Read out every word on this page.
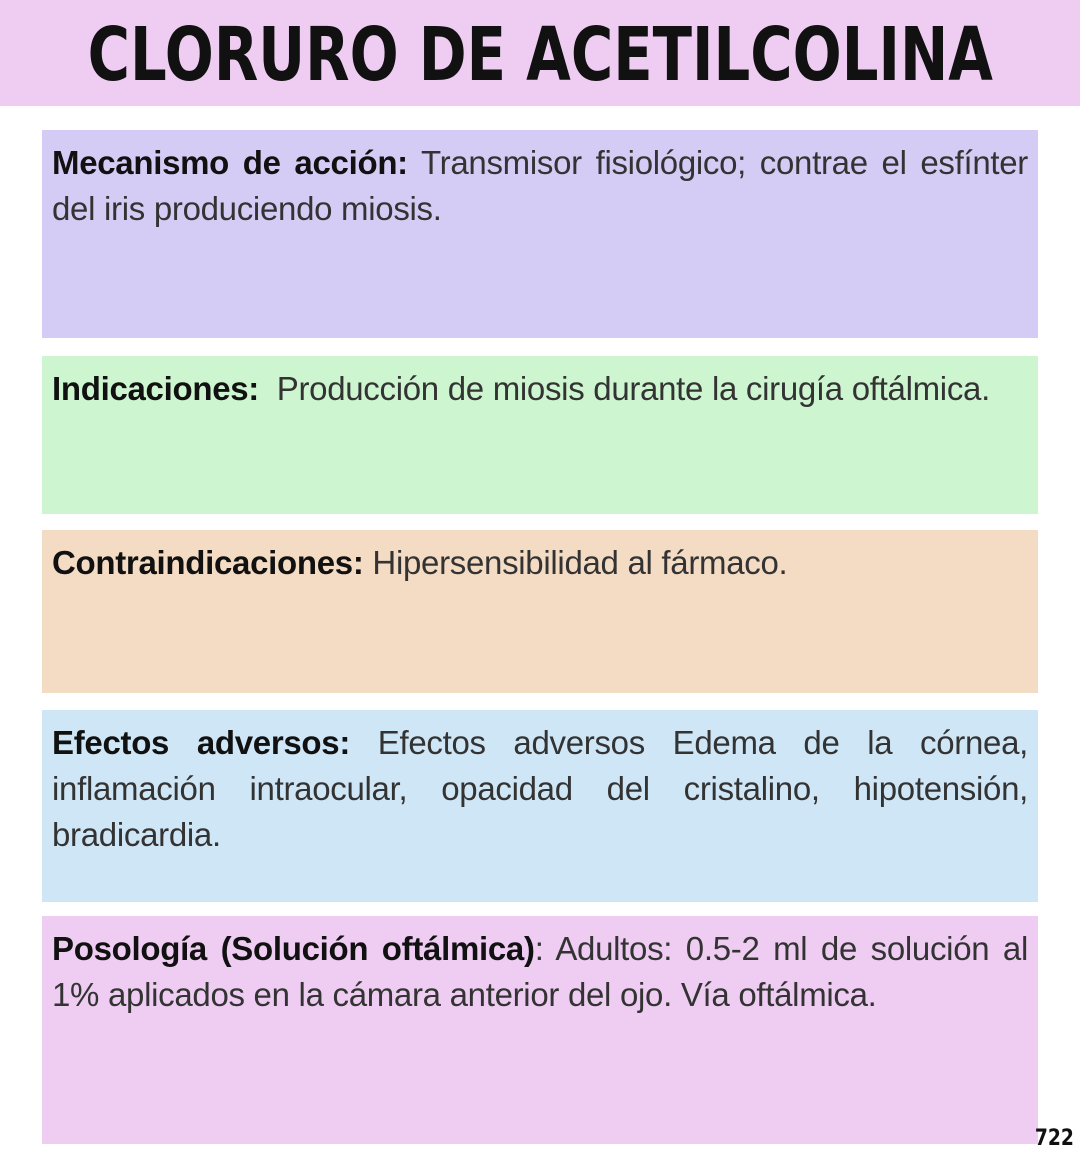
CLORURO DE ACETILCOLINA

Mecanismo de acción: Transmisor fisiológico; contrae el esfínter del iris produciendo miosis.

Indicaciones: Producción de miosis durante la cirugía oftálmica.

Contraindicaciones: Hipersensibilidad al fármaco.

Efectos adversos: Efectos adversos Edema de la córnea, inflamación intraocular, opacidad del cristalino, hipotensión, bradicardia.

Posología (Solución oftálmica): Adultos: 0.5-2 ml de solución al 1% aplicados en la cámara anterior del ojo. Vía oftálmica.

722
